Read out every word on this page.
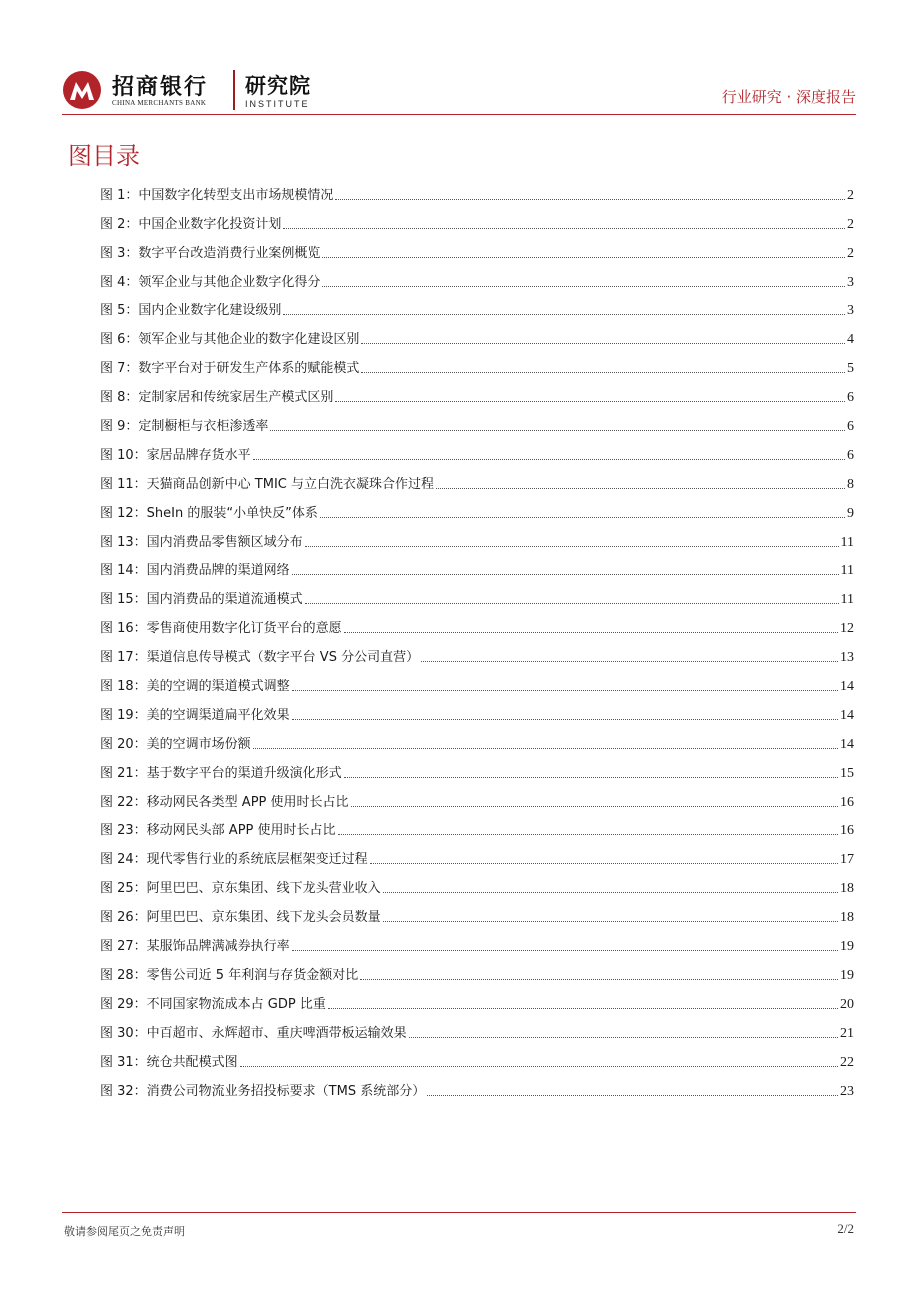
招商银行
CHINA MERCHANTS BANK
研究院
INSTITUTE	行业研究 · 深度报告
图目录
图 1：中国数字化转型支出市场规模情况	2
图 2：中国企业数字化投资计划	2
图 3：数字平台改造消费行业案例概览	2
图 4：领军企业与其他企业数字化得分	3
图 5：国内企业数字化建设级别	3
图 6：领军企业与其他企业的数字化建设区别	4
图 7：数字平台对于研发生产体系的赋能模式	5
图 8：定制家居和传统家居生产模式区别	6
图 9：定制橱柜与衣柜渗透率	6
图 10：家居品牌存货水平	6
图 11：天猫商品创新中心 TMIC 与立白洗衣凝珠合作过程	8
图 12：SheIn 的服装“小单快反”体系	9
图 13：国内消费品零售额区域分布	11
图 14：国内消费品牌的渠道网络	11
图 15：国内消费品的渠道流通模式	11
图 16：零售商使用数字化订货平台的意愿	12
图 17：渠道信息传导模式（数字平台 VS 分公司直营）	13
图 18：美的空调的渠道模式调整	14
图 19：美的空调渠道扁平化效果	14
图 20：美的空调市场份额	14
图 21：基于数字平台的渠道升级演化形式	15
图 22：移动网民各类型 APP 使用时长占比	16
图 23：移动网民头部 APP 使用时长占比	16
图 24：现代零售行业的系统底层框架变迁过程	17
图 25：阿里巴巴、京东集团、线下龙头营业收入	18
图 26：阿里巴巴、京东集团、线下龙头会员数量	18
图 27：某服饰品牌满减券执行率	19
图 28：零售公司近 5 年利润与存货金额对比	19
图 29：不同国家物流成本占 GDP 比重	20
图 30：中百超市、永辉超市、重庆啤酒带板运输效果	21
图 31：统仓共配模式图	22
图 32：消费公司物流业务招投标要求（TMS 系统部分）	23
敬请参阅尾页之免责声明	2/2
